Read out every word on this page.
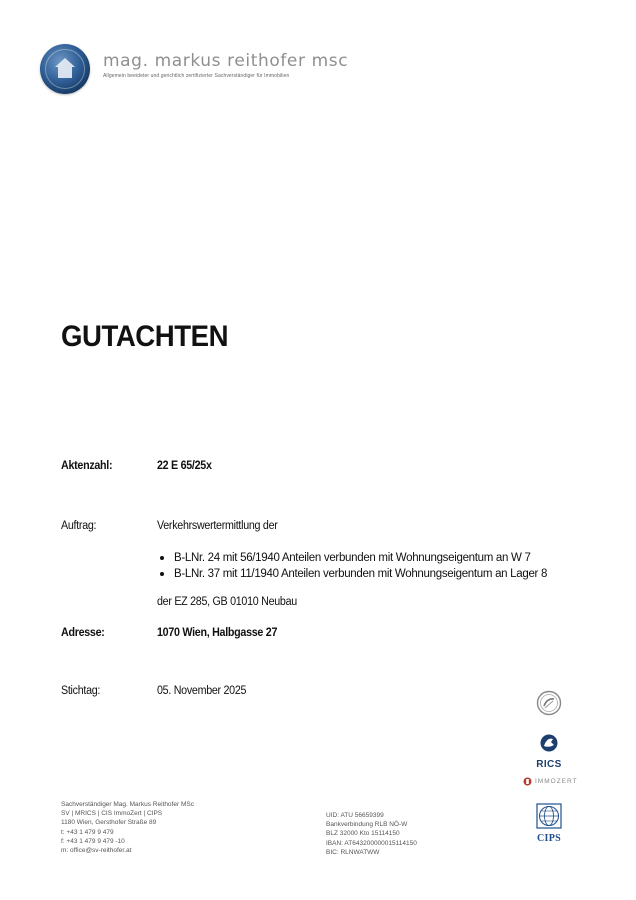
mag. markus reithofer msc
Allgemein beeideter und gerichtlich zertifizierter Sachverständiger für Immobilien
GUTACHTEN
Aktenzahl:	22 E 65/25x
Auftrag:	Verkehrswertermittlung der
B-LNr. 24 mit 56/1940 Anteilen verbunden mit Wohnungseigentum an W 7
B-LNr. 37 mit 11/1940 Anteilen verbunden mit Wohnungseigentum an Lager 8
der EZ 285, GB 01010 Neubau
Adresse:	1070 Wien, Halbgasse 27
Stichtag:	05. November 2025
RICS
IMMOZERT
CIPS
Sachverständiger Mag. Markus Reithofer MSc
SV | MRICS | CIS ImmoZert | CIPS
1180 Wien, Gersthofer Straße 89
t: +43 1 479 9 479
f: +43 1 479 9 479 -10
m: office@sv-reithofer.at
UID: ATU 56659399
Bankverbindung RLB NÖ-W
BLZ 32000 Kto 15114150
IBAN: AT643200000015114150
BIC: RLNWATWW
